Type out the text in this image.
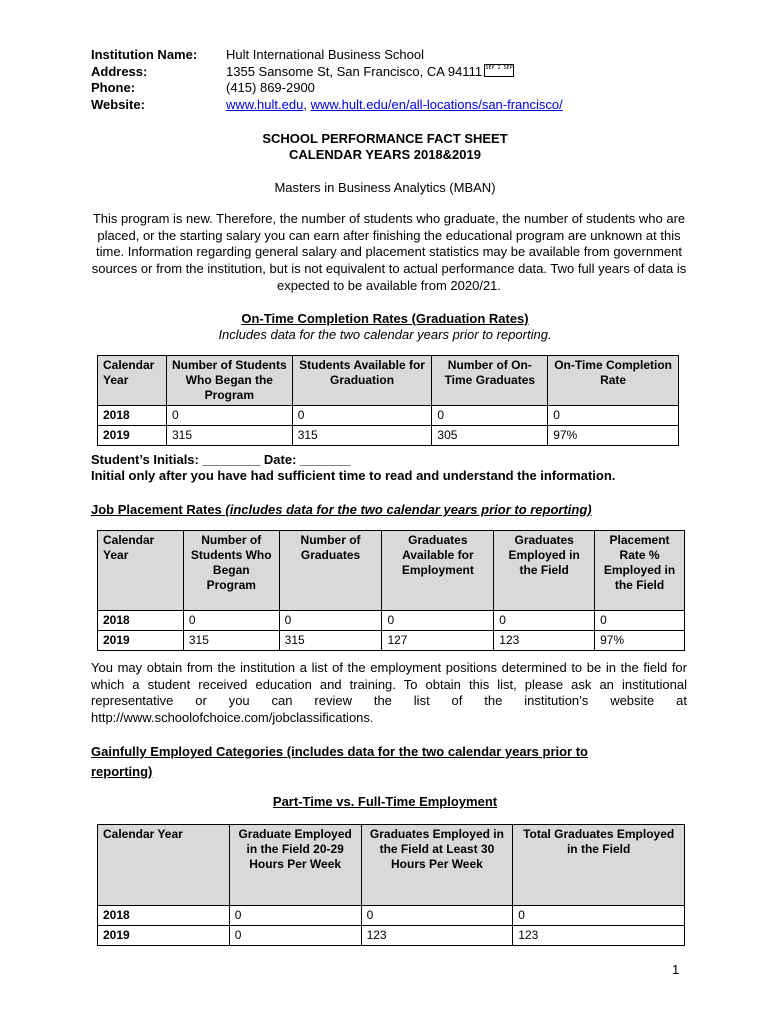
Institution Name:	Hult International Business School
Address:	1355 Sansome St, San Francisco, CA 94111 SEP 2 SEP
Phone:	(415) 869-2900
Website:	www.hult.edu, www.hult.edu/en/all-locations/san-francisco/
SCHOOL PERFORMANCE FACT SHEET
CALENDAR YEARS 2018&2019
Masters in Business Analytics (MBAN)
This program is new. Therefore, the number of students who graduate, the number of students who are placed, or the starting salary you can earn after finishing the educational program are unknown at this time. Information regarding general salary and placement statistics may be available from government sources or from the institution, but is not equivalent to actual performance data. Two full years of data is expected to be available from 2020/21.
On-Time Completion Rates (Graduation Rates)
Includes data for the two calendar years prior to reporting.
Calendar Year	Number of Students Who Began the Program	Students Available for Graduation	Number of On-Time Graduates	On-Time Completion Rate
2018	0	0	0	0
2019	315	315	305	97%
Student’s Initials: ________ Date: _______
Initial only after you have had sufficient time to read and understand the information.
Job Placement Rates (includes data for the two calendar years prior to reporting)
Calendar Year	Number of Students Who Began Program	Number of Graduates	Graduates Available for Employment	Graduates Employed in the Field	Placement Rate % Employed in the Field
2018	0	0	0	0	0
2019	315	315	127	123	97%
You may obtain from the institution a list of the employment positions determined to be in the field for which a student received education and training. To obtain this list, please ask an institutional representative or you can review the list of the institution’s website at http://www.schoolofchoice.com/jobclassifications.
Gainfully Employed Categories (includes data for the two calendar years prior to
reporting)
Part-Time vs. Full-Time Employment
Calendar Year	Graduate Employed in the Field 20-29 Hours Per Week	Graduates Employed in the Field at Least 30 Hours Per Week	Total Graduates Employed in the Field
2018	0	0	0
2019	0	123	123
1
